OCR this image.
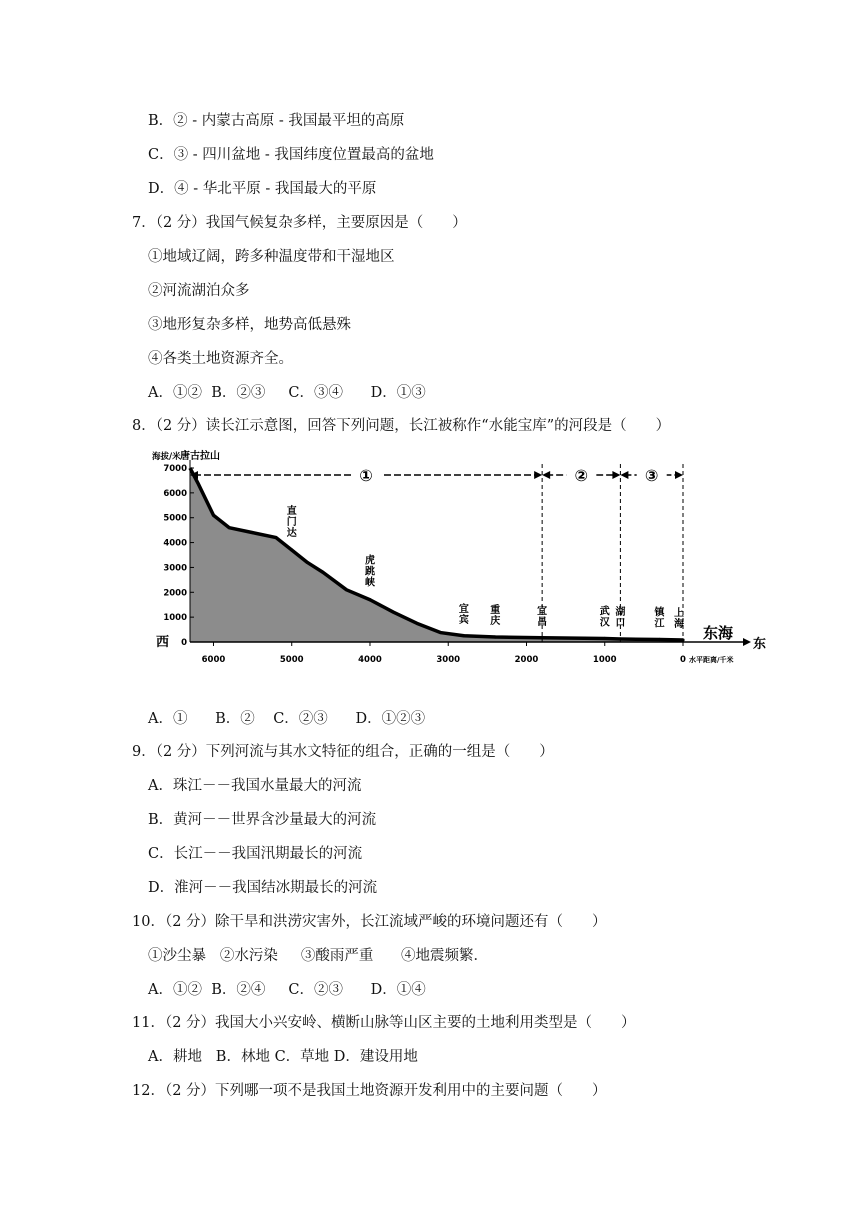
B．② - 内蒙古高原 - 我国最平坦的高原
C．③ - 四川盆地 - 我国纬度位置最高的盆地
D．④ - 华北平原 - 我国最大的平原
7．（2 分）我国气候复杂多样，主要原因是（　　）
①地域辽阔，跨多种温度带和干湿地区
②河流湖泊众多
③地形复杂多样，地势高低悬殊
④各类土地资源齐全。
A．①②  B．②③     C．③④      D．①③
8．（2 分）读长江示意图，回答下列问题，长江被称作“水能宝库”的河段是（　　）
7000
6000
5000
4000
3000
2000
1000
0
海拔/米
6000	5000	4000	3000	2000	1000	0 水平距离/千米
西	东
东海
①	②	③
唐古拉山
直门达
虎跳峡
宜宾
重庆
宜昌
武汉
湖口
镇江
上海
A．①      B．②    C．②③      D．①②③
9．（2 分）下列河流与其水文特征的组合，正确的一组是（　　）
A．珠江－－我国水量最大的河流
B．黄河－－世界含沙量最大的河流
C．长江－－我国汛期最长的河流
D．淮河－－我国结冰期最长的河流
10．（2 分）除干旱和洪涝灾害外，长江流域严峻的环境问题还有（　　）
①沙尘暴   ②水污染     ③酸雨严重      ④地震频繁．
A．①②  B．②④     C．②③      D．①④
11．（2 分）我国大小兴安岭、横断山脉等山区主要的土地利用类型是（　　）
A．耕地   B．林地 C．草地 D．建设用地
12．（2 分）下列哪一项不是我国土地资源开发利用中的主要问题（　　）
